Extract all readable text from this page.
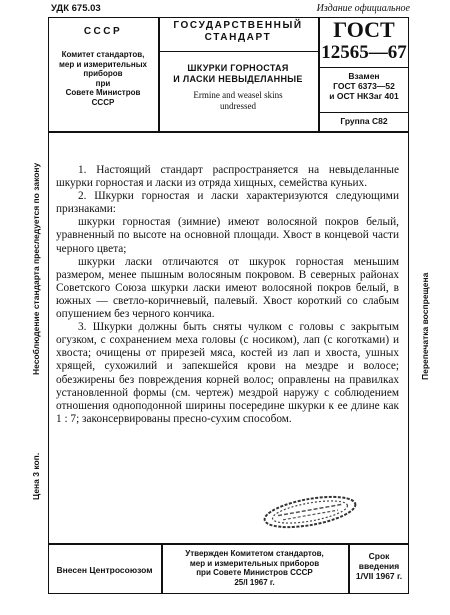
УДК 675.03	Издание официальное
СССР
Комитет стандартов,
мер и измерительных
приборов
при
Совете Министров
СССР
ГОСУДАРСТВЕННЫЙ
СТАНДАРТ
ШКУРКИ ГОРНОСТАЯ
И ЛАСКИ НЕВЫДЕЛАННЫЕ
Ermine and weasel skins
undressed
ГОСТ
12565—67
Взамен
ГОСТ 6373—52
и ОСТ НКЗаг 401
Группа С82

1. Настоящий стандарт распространяется на невыделанные шкурки горностая и ласки из отряда хищных, семейства куньих.

2. Шкурки горностая и ласки характеризуются следующими признаками:

шкурки горностая (зимние) имеют волосяной покров белый, уравненный по высоте на основной площади. Хвост в концевой части черного цвета;

шкурки ласки отличаются от шкурок горностая меньшим размером, менее пышным волосяным покровом. В северных районах Советского Союза шкурки ласки имеют волосяной покров белый, в южных — светло-коричневый, палевый. Хвост короткий со слабым опушением без черного кончика.

3. Шкурки должны быть сняты чулком с головы с закрытым огузком, с сохранением меха головы (с носиком), лап (с коготками) и хвоста; очищены от прирезей мяса, костей из лап и хвоста, ушных хрящей, сухожилий и запекшейся крови на мездре и волосе; обезжирены без повреждения корней волос; оправлены на правилках установленной формы (см. чертеж) мездрой наружу с соблюдением отношения одноподонной ширины посередине шкурки к ее длине как 1 : 7; законсервированы пресно-сухим способом.

Цена 3 коп.
Несоблюдение стандарта преследуется по закону	Перепечатка воспрещена
Внесен Центросоюзом
Утвержден Комитетом стандартов,
мер и измерительных приборов
при Совете Министров СССР
25/I 1967 г.
Срок введения
1/VII 1967 г.
